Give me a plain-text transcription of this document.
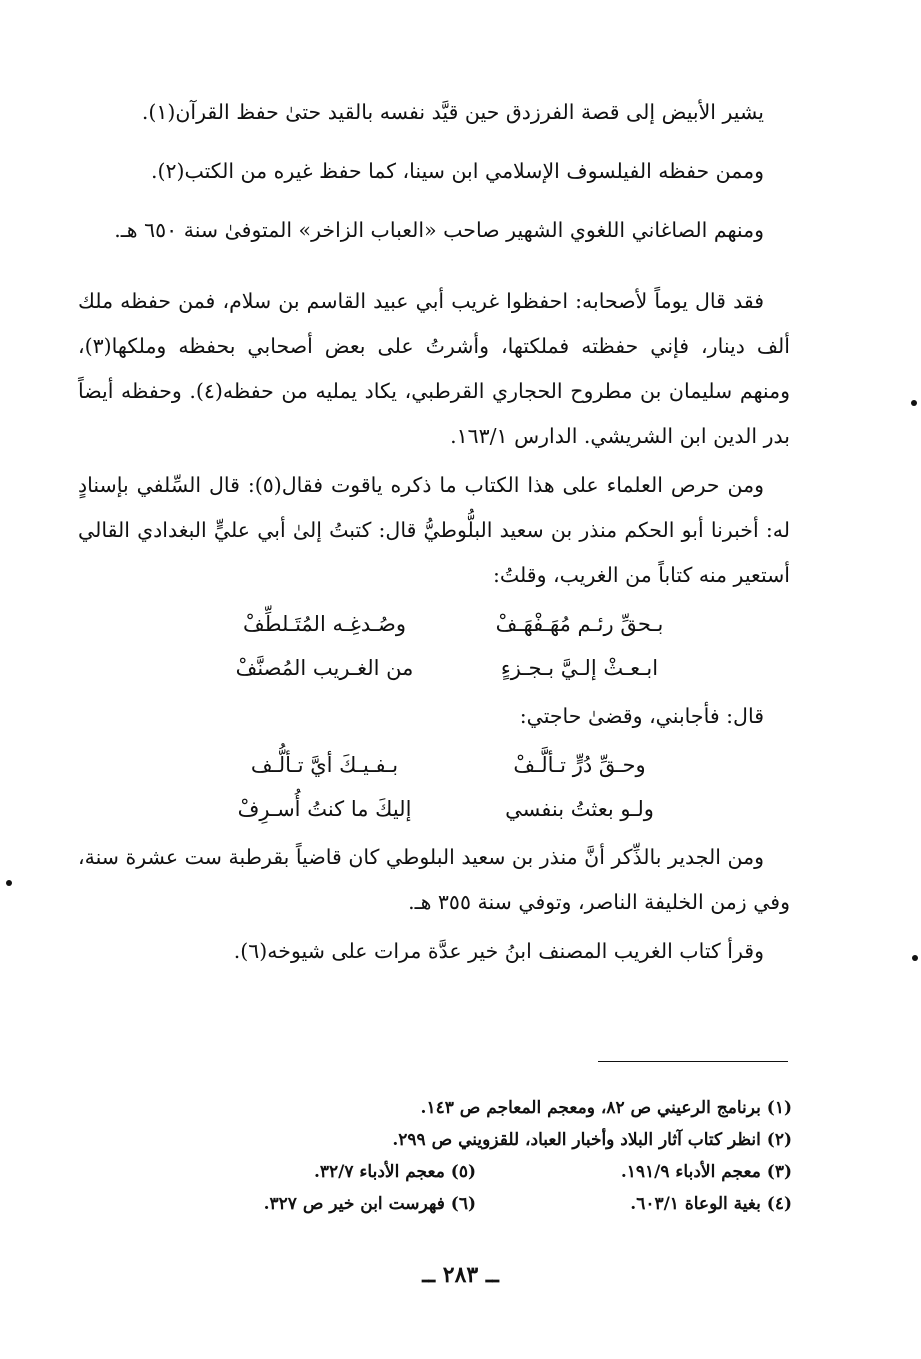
يشير الأبيض إلى قصة الفرزدق حين قيَّد نفسه بالقيد حتىٰ حفظ القرآن(١).

وممن حفظه الفيلسوف الإسلامي ابن سينا، كما حفظ غيره من الكتب(٢).

ومنهم الصاغاني اللغوي الشهير صاحب «العباب الزاخر» المتوفىٰ سنة ٦٥٠ هـ.

فقد قال يوماً لأصحابه: احفظوا غريب أبي عبيد القاسم بن سلام، فمن حفظه ملك ألف دينار، فإني حفظته فملكتها، وأشرتُ على بعض أصحابي بحفظه وملكها(٣)، ومنهم سليمان بن مطروح الحجاري القرطبي، يكاد يمليه من حفظه(٤). وحفظه أيضاً بدر الدين ابن الشريشي. الدارس ١٦٣/١.

ومن حرص العلماء على هذا الكتاب ما ذكره ياقوت فقال(٥): قال السِّلفي بإسنادٍ له: أخبرنا أبو الحكم منذر بن سعيد البلُّوطيُّ قال: كتبتُ إلىٰ أبي عليٍّ البغدادي القالي أستعير منه كتاباً من الغريب، وقلتُ:

بـحقِّ رئـم مُهَـفْهَـفْ
وصُـدغِـه المُتَـلطِّفْ
ابـعـثْ إلـيَّ بـجـزءٍ
من الغـريب المُصنَّفْ

قال: فأجابني، وقضىٰ حاجتي:

وحـقِّ دُرٍّ تـألَّـفْ
بـفـيـكَ أيَّ تـألُّـف
ولـو بعثتُ بنفسي
إليكَ ما كنتُ أُسـرِفْ

ومن الجدير بالذِّكر أنَّ منذر بن سعيد البلوطي كان قاضياً بقرطبة ست عشرة سنة، وفي زمن الخليفة الناصر، وتوفي سنة ٣٥٥ هـ.

وقرأ كتاب الغريب المصنف ابنُ خير عدَّة مرات على شيوخه(٦).

(١) برنامج الرعيني ص ٨٢، ومعجم المعاجم ص ١٤٣.
(٢) انظر كتاب آثار البلاد وأخبار العباد، للقزويني ص ٢٩٩.
(٣) معجم الأدباء ١٩١/٩.
(٥) معجم الأدباء ٣٢/٧.
(٤) بغية الوعاة ٦٠٣/١.
(٦) فهرست ابن خير ص ٣٢٧.
ــ ٢٨٣ ــ
